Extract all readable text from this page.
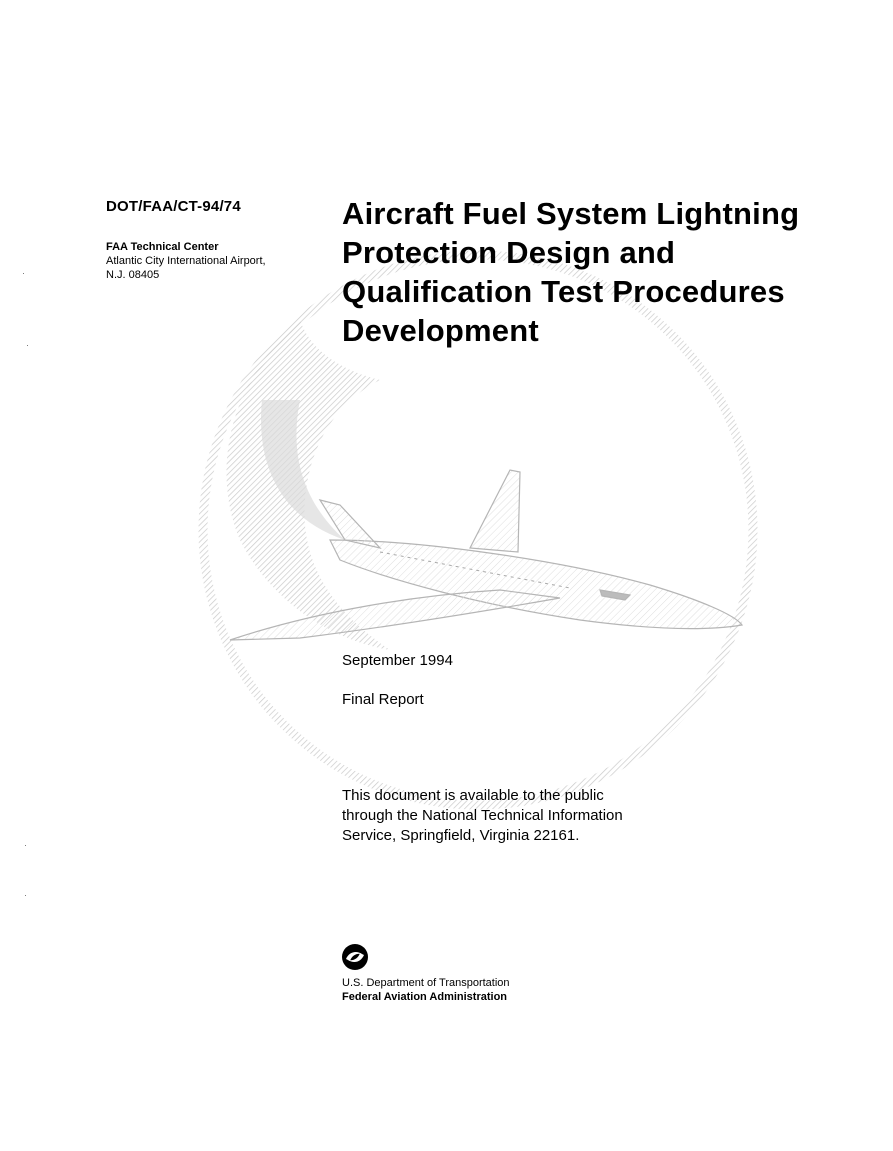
·
·
·
·
DOT/FAA/CT-94/74
FAA Technical Center
Atlantic City International Airport,
N.J. 08405
Aircraft Fuel System Lightning
Protection Design and
Qualification Test Procedures
Development
September 1994
Final Report
This document is available to the public
through the National Technical Information
Service, Springfield, Virginia 22161.
U.S. Department of Transportation
Federal Aviation Administration
